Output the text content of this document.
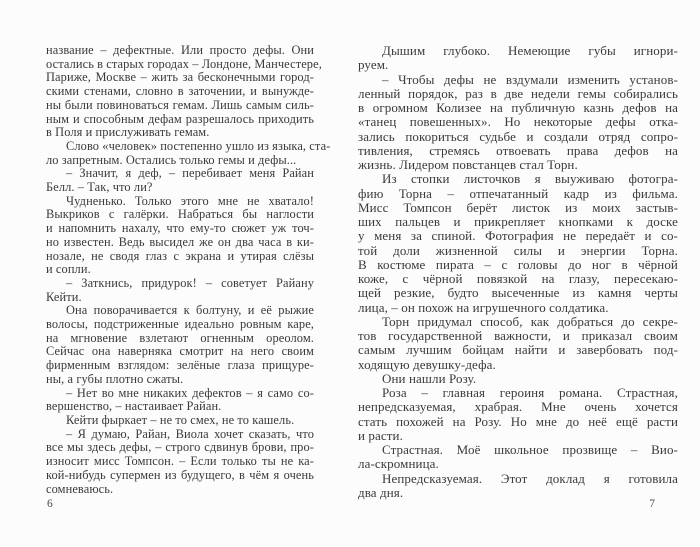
название – дефектные. Или просто дефы. Они
остались в старых городах – Лондоне, Манчестере,
Париже, Москве – жить за бесконечными город-
скими стенами, словно в заточении, и вынужде-
ны были повиноваться гемам. Лишь самым силь-
ным и способным дефам разрешалось приходить
в Поля и прислуживать гемам.
Слово «человек» постепенно ушло из языка, ста-
ло запретным. Остались только гемы и дефы...
– Значит, я деф, – перебивает меня Райан
Белл. – Так, что ли?
Чудненько. Только этого мне не хватало!
Выкриков с галёрки. Набраться бы наглости
и напомнить нахалу, что ему-то сюжет уж точ-
но известен. Ведь высидел же он два часа в ки-
нозале, не сводя глаз с экрана и утирая слёзы
и сопли.
– Заткнись, придурок! – советует Райану
Кейти.
Она поворачивается к болтуну, и её рыжие
волосы, подстриженные идеально ровным каре,
на мгновение взлетают огненным ореолом.
Сейчас она наверняка смотрит на него своим
фирменным взглядом: зелёные глаза прищуре-
ны, а губы плотно сжаты.
– Нет во мне никаких дефектов – я само со-
вершенство, – настаивает Райан.
Кейти фыркает – не то смех, не то кашель.
– Я думаю, Райан, Виола хочет сказать, что
все мы здесь дефы, – строго сдвинув брови, про-
износит мисс Томпсон. – Если только ты не ка-
кой-нибудь супермен из будущего, в чём я очень
сомневаюсь.
6
Дышим глубоко. Немеющие губы игнори-
руем.
– Чтобы дефы не вздумали изменить установ-
ленный порядок, раз в две недели гемы собирались
в огромном Колизее на публичную казнь дефов на
«танец повешенных». Но некоторые дефы отка-
зались покориться судьбе и создали отряд сопро-
тивления, стремясь отвоевать права дефов на
жизнь. Лидером повстанцев стал Торн.
Из стопки листочков я выуживаю фотогра-
фию Торна – отпечатанный кадр из фильма.
Мисс Томпсон берёт листок из моих застыв-
ших пальцев и прикрепляет кнопками к доске
у меня за спиной. Фотография не передаёт и со-
той доли жизненной силы и энергии Торна.
В костюме пирата – с головы до ног в чёрной
коже, с чёрной повязкой на глазу, пересекаю-
щей резкие, будто высеченные из камня черты
лица, – он похож на игрушечного солдатика.
Торн придумал способ, как добраться до секре-
тов государственной важности, и приказал своим
самым лучшим бойцам найти и завербовать под-
ходящую девушку-дефа.
Они нашли Розу.
Роза – главная героиня романа. Страстная,
непредсказуемая, храбрая. Мне очень хочется
стать похожей на Розу. Но мне до неё ещё расти
и расти.
Страстная. Моё школьное прозвище – Вио-
ла-скромница.
Непредсказуемая. Этот доклад я готовила
два дня.
7
